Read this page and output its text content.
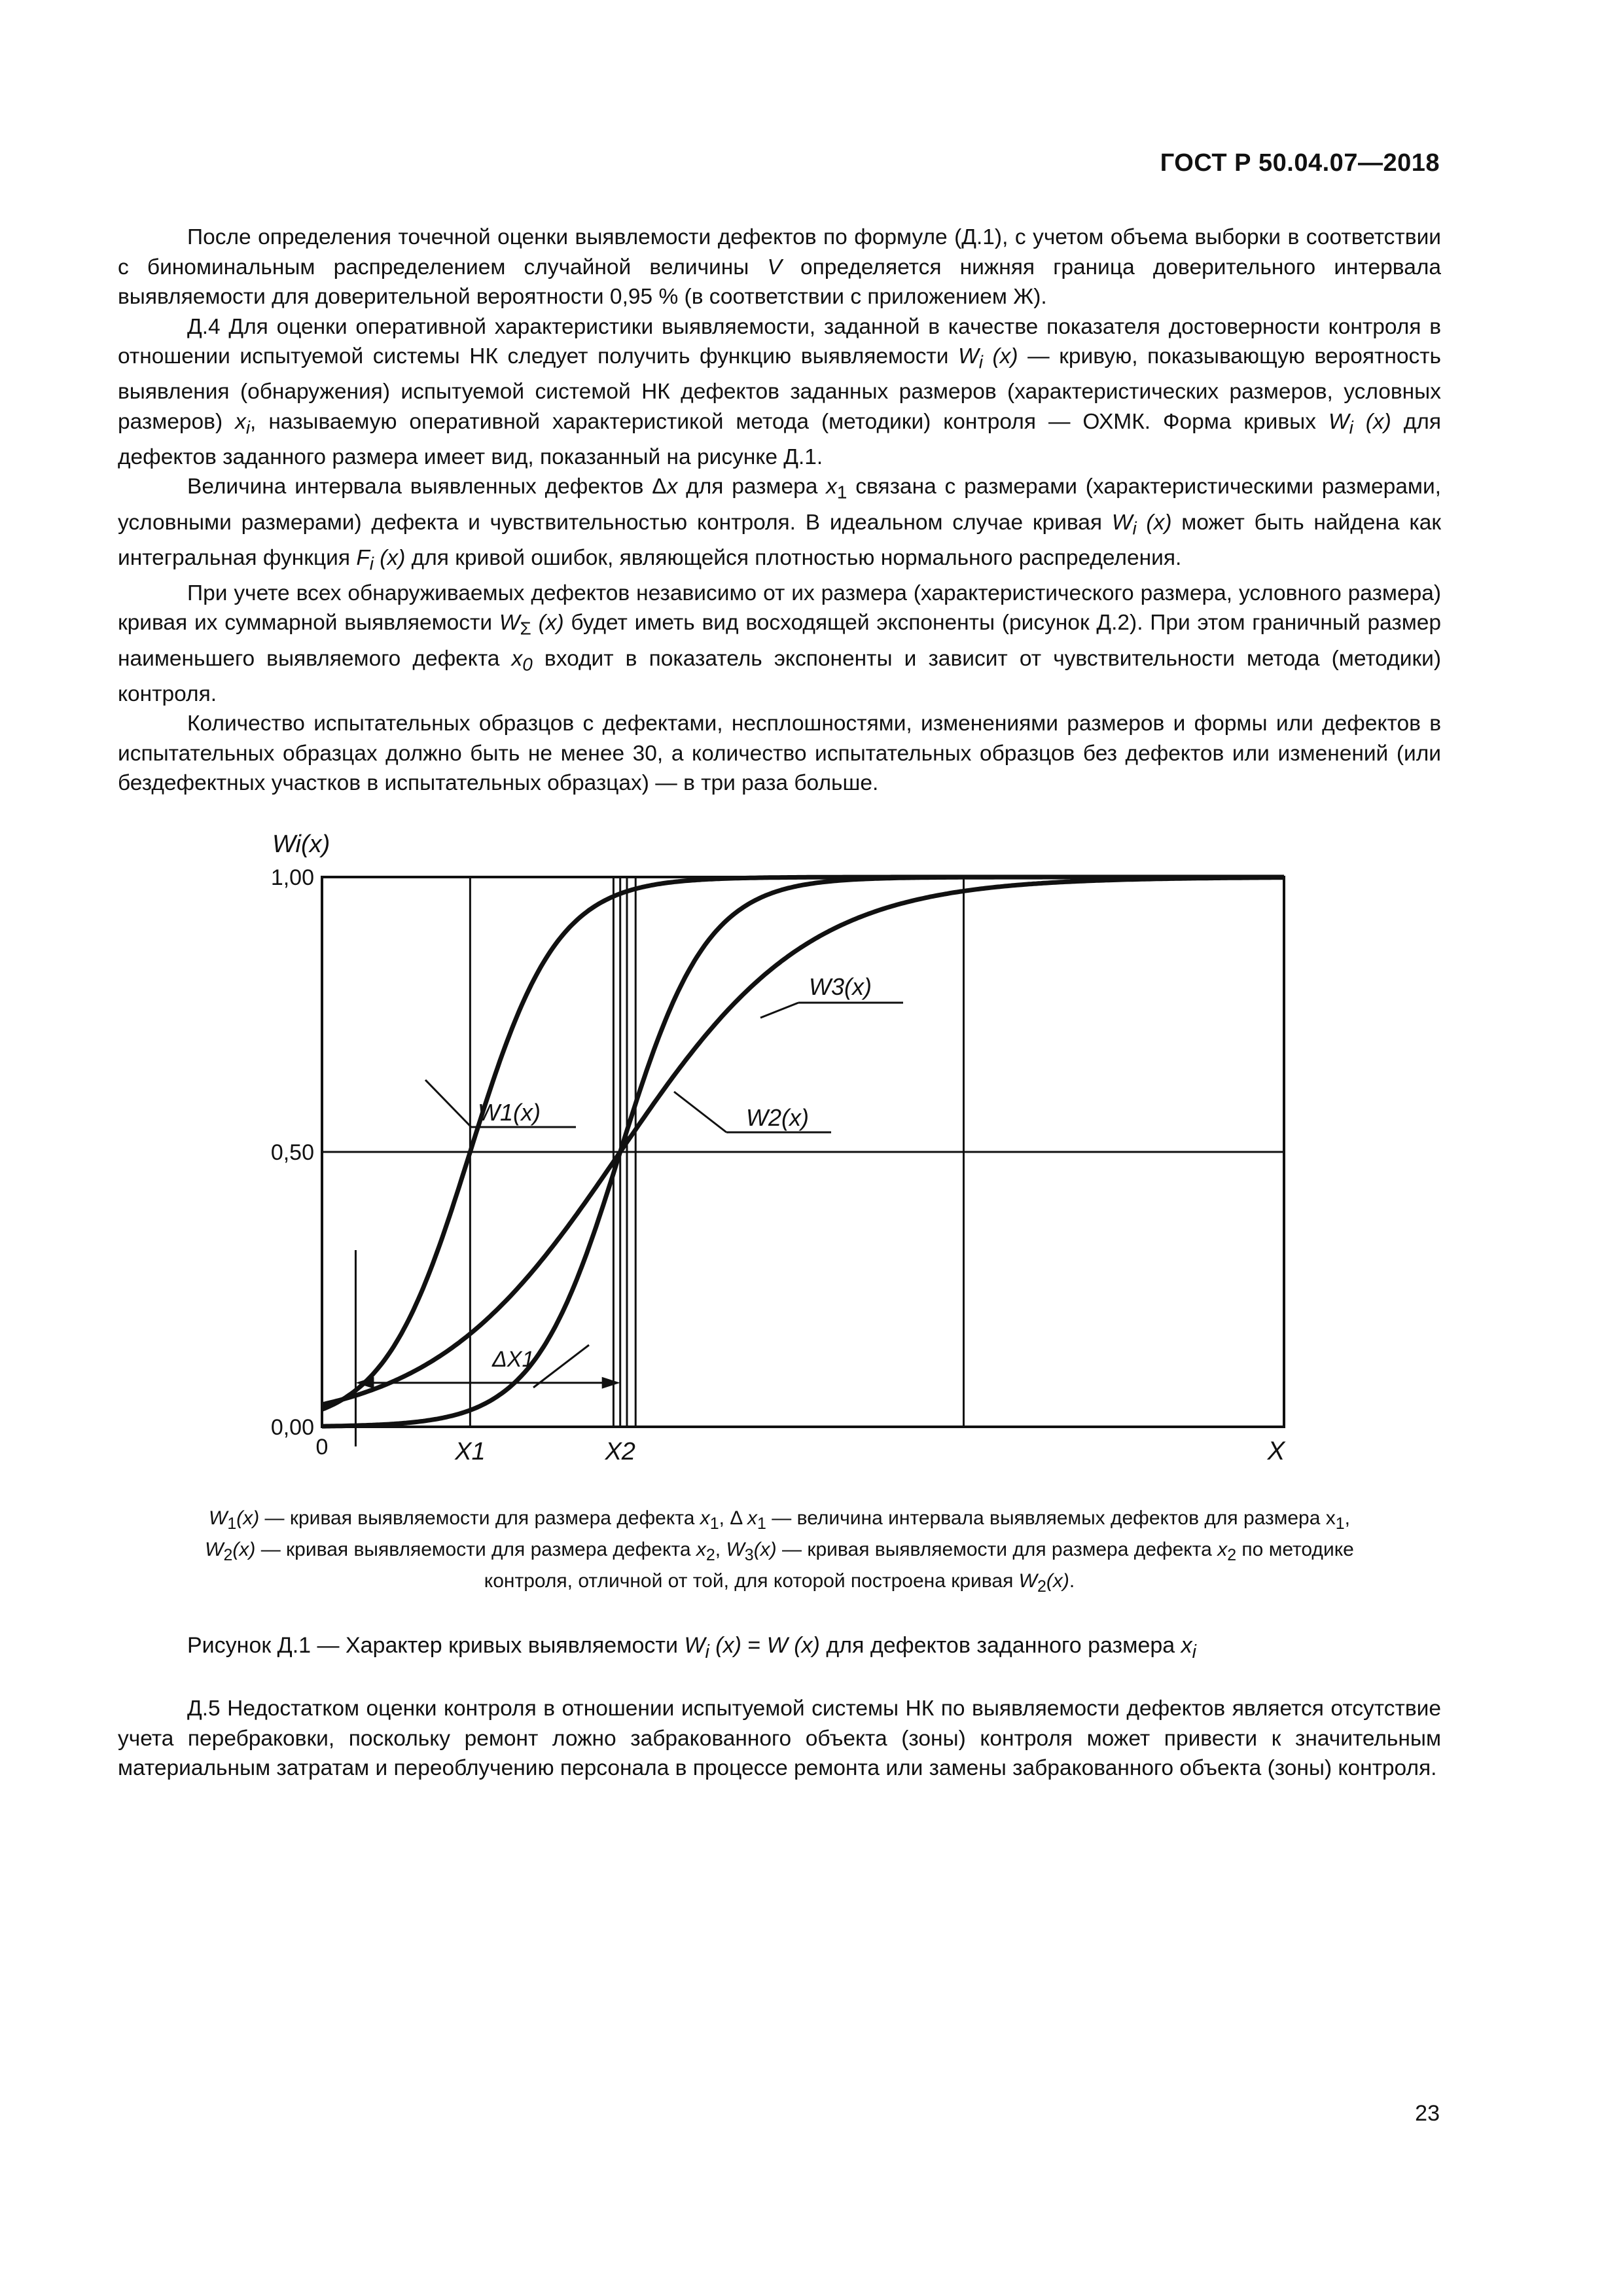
ГОСТ Р 50.04.07—2018

После определения точечной оценки выявлемости дефектов по формуле (Д.1), с учетом объема выборки в соответствии с биноминальным распределением случайной величины V определяется нижняя граница доверительного интервала выявляемости для доверительной вероятности 0,95 % (в соответствии с приложением Ж).

Д.4 Для оценки оперативной характеристики выявляемости, заданной в качестве показателя достоверности контроля в отношении испытуемой системы НК следует получить функцию выявляемости $W_i$ (x) — кривую, показывающую вероятность выявления (обнаружения) испытуемой системой НК дефектов заданных размеров (характеристических размеров, условных размеров) $x_i$, называемую оперативной характеристикой метода (методики) контроля — ОХМК. Форма кривых $W_i$ (x) для дефектов заданного размера имеет вид, показанный на рисунке Д.1.

Величина интервала выявленных дефектов Δx для размера $x_1$ связана с размерами (характеристическими размерами, условными размерами) дефекта и чувствительностью контроля. В идеальном случае кривая $W_i$ (x) может быть найдена как интегральная функция $F_i$ (x) для кривой ошибок, являющейся плотностью нормального распределения.

При учете всех обнаруживаемых дефектов независимо от их размера (характеристического размера, условного размера) кривая их суммарной выявляемости $W_\Sigma$ (x) будет иметь вид восходящей экспоненты (рисунок Д.2). При этом граничный размер наименьшего выявляемого дефекта $x_0$ входит в показатель экспоненты и зависит от чувствительности метода (методики) контроля.

Количество испытательных образцов с дефектами, несплошностями, изменениями размеров и формы или дефектов в испытательных образцах должно быть не менее 30, а количество испытательных образцов без дефектов или изменений (или бездефектных участков в испытательных образцах) — в три раза больше.

W1(x)	W2(x)
W3(x)
ΔX1
0,00
0,50
1,00
Wi(x)
0	X1	X2	X
$W_1(x)$ — кривая выявляемости для размера дефекта $x_1$, Δ $x_1$ — величина интервала выявляемых дефектов для размера $x_1$,
$W_2(x)$ — кривая выявляемости для размера дефекта $x_2$, $W_3(x)$ — кривая выявляемости для размера дефекта $x_2$ по методике
контроля, отличной от той, для которой построена кривая $W_2(x)$.
Рисунок Д.1 — Характер кривых выявляемости $W_i$ (x) = W (x) для дефектов заданного размера $x_i$

Д.5 Недостатком оценки контроля в отношении испытуемой системы НК по выявляемости дефектов является отсутствие учета перебраковки, поскольку ремонт ложно забракованного объекта (зоны) контроля может привести к значительным материальным затратам и переоблучению персонала в процессе ремонта или замены забракованного объекта (зоны) контроля.

23
